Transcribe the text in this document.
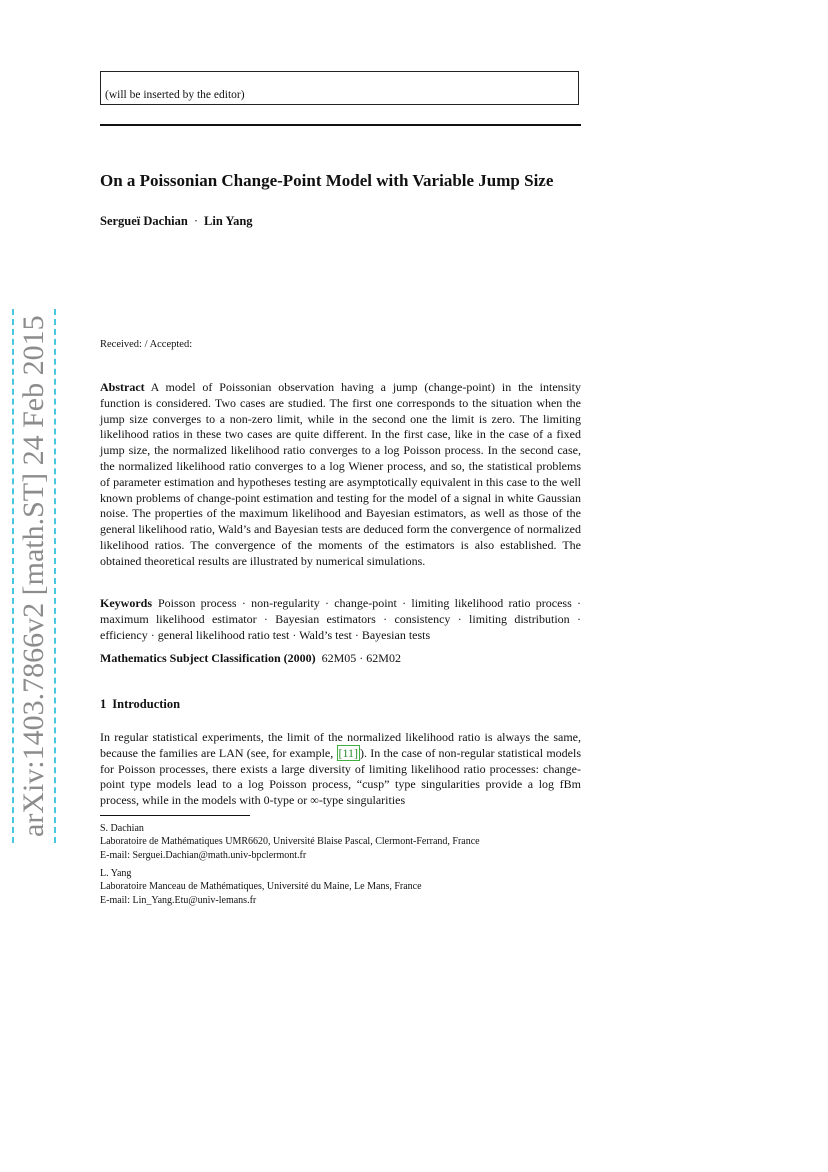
(will be inserted by the editor)
On a Poissonian Change-Point Model with Variable Jump Size
Sergueï Dachian · Lin Yang
Received: / Accepted:

Abstract A model of Poissonian observation having a jump (change-point) in the intensity function is considered. Two cases are studied. The first one corresponds to the situation when the jump size converges to a non-zero limit, while in the second one the limit is zero. The limiting likelihood ratios in these two cases are quite different. In the first case, like in the case of a fixed jump size, the normalized likelihood ratio converges to a log Poisson process. In the second case, the normalized likelihood ratio converges to a log Wiener process, and so, the statistical problems of parameter estimation and hypotheses testing are asymptotically equivalent in this case to the well known problems of change-point estimation and testing for the model of a signal in white Gaussian noise. The properties of the maximum likelihood and Bayesian estimators, as well as those of the general likelihood ratio, Wald’s and Bayesian tests are deduced form the convergence of normalized likelihood ratios. The convergence of the moments of the estimators is also established. The obtained theoretical results are illustrated by numerical simulations.

Keywords Poisson process · non-regularity · change-point · limiting likelihood ratio process · maximum likelihood estimator · Bayesian estimators · consistency · limiting distribution · efficiency · general likelihood ratio test · Wald’s test · Bayesian tests

Mathematics Subject Classification (2000) 62M05 · 62M02

1 Introduction

In regular statistical experiments, the limit of the normalized likelihood ratio is always the same, because the families are LAN (see, for example, [11] ). In the case of non-regular statistical models for Poisson processes, there exists a large diversity of limiting likelihood ratio processes: change-point type models lead to a log Poisson process, “cusp” type singularities provide a log fBm process, while in the models with 0-type or ∞-type singularities

S. Dachian
Laboratoire de Mathématiques UMR6620, Université Blaise Pascal, Clermont-Ferrand, France
E-mail: Serguei.Dachian@math.univ-bpclermont.fr
L. Yang
Laboratoire Manceau de Mathématiques, Université du Maine, Le Mans, France
E-mail: Lin_Yang.Etu@univ-lemans.fr
arXiv:1403.7866v2 [math.ST] 24 Feb 2015
